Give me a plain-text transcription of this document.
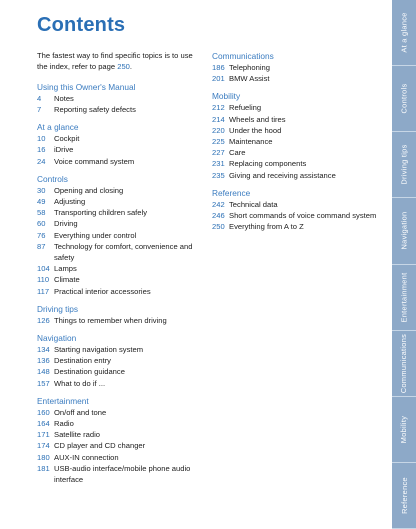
Contents

The fastest way to find specific topics is to use the index, refer to page 250.

Using this Owner's Manual
4	Notes
7	Reporting safety defects
At a glance
10	Cockpit
16	iDrive
24	Voice command system
Controls
30	Opening and closing
49	Adjusting
58	Transporting children safely
60	Driving
76	Everything under control
87	Technology for comfort, convenience and safety
104 Lamps
110 Climate
117 Practical interior accessories
Driving tips
126 Things to remember when driving
Navigation
134 Starting navigation system
136 Destination entry
148 Destination guidance
157 What to do if ...
Entertainment
160 On/off and tone
164 Radio
171 Satellite radio
174 CD player and CD changer
180 AUX-IN connection
181 USB-audio interface/mobile phone audio interface
Communications
186 Telephoning
201 BMW Assist
Mobility
212 Refueling
214 Wheels and tires
220 Under the hood
225 Maintenance
227 Care
231 Replacing components
235 Giving and receiving assistance
Reference
242 Technical data
246 Short commands of voice command system
250 Everything from A to Z
At a glance
Controls
Driving tips
Navigation
Entertainment
Communications
Mobility
Reference
